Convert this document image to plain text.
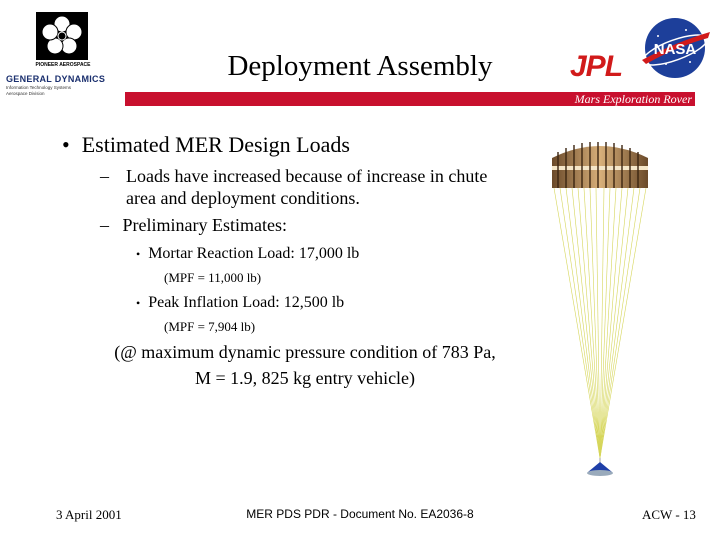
PIONEER AEROSPACE
GENERAL DYNAMICS
Information Technology Systems
Aerospace Division
Deployment Assembly	JPL
NASA
Mars Exploration Rover
• Estimated MER Design Loads
– Loads have increased because of increase in chute area and deployment conditions.
– Preliminary Estimates:
• Mortar Reaction Load: 17,000 lb
(MPF = 11,000 lb)
• Peak Inflation Load: 12,500 lb
(MPF = 7,904 lb)
(@ maximum dynamic pressure condition of 783 Pa,
M = 1.9, 825 kg entry vehicle)
3 April 2001	MER PDS PDR - Document No. EA2036-8	ACW - 13
